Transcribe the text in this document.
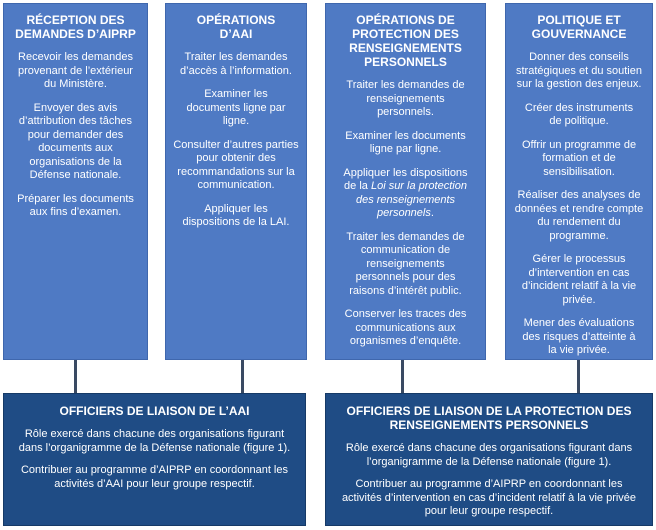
RÉCEPTION DES DEMANDES D’AIPRP
Recevoir les demandes provenant de l’extérieur du Ministère.
Envoyer des avis d’attribution des tâches pour demander des documents aux organisations de la Défense nationale.
Préparer les documents aux fins d’examen.
OPÉRATIONS D’AAI
Traiter les demandes d’accès à l’information.
Examiner les documents ligne par ligne.
Consulter d’autres parties pour obtenir des recommandations sur la communication.
Appliquer les dispositions de la LAI.
OPÉRATIONS DE PROTECTION DES RENSEIGNEMENTS PERSONNELS
Traiter les demandes de renseignements personnels.
Examiner les documents ligne par ligne.
Appliquer les dispositions de la Loi sur la protection des renseignements personnels.
Traiter les demandes de communication de renseignements personnels pour des raisons d’intérêt public.
Conserver les traces des communications aux organismes d’enquête.
POLITIQUE ET GOUVERNANCE
Donner des conseils stratégiques et du soutien sur la gestion des enjeux.
Créer des instruments de politique.
Offrir un programme de formation et de sensibilisation.
Réaliser des analyses de données et rendre compte du rendement du programme.
Gérer le processus d’intervention en cas d’incident relatif à la vie privée.
Mener des évaluations des risques d’atteinte à la vie privée.
OFFICIERS DE LIAISON DE L’AAI
Rôle exercé dans chacune des organisations figurant dans l’organigramme de la Défense nationale (figure 1).
Contribuer au programme d’AIPRP en coordonnant les activités d’AAI pour leur groupe respectif.
OFFICIERS DE LIAISON DE LA PROTECTION DES RENSEIGNEMENTS PERSONNELS
Rôle exercé dans chacune des organisations figurant dans l’organigramme de la Défense nationale (figure 1).
Contribuer au programme d’AIPRP en coordonnant les activités d’intervention en cas d’incident relatif à la vie privée pour leur groupe respectif.
